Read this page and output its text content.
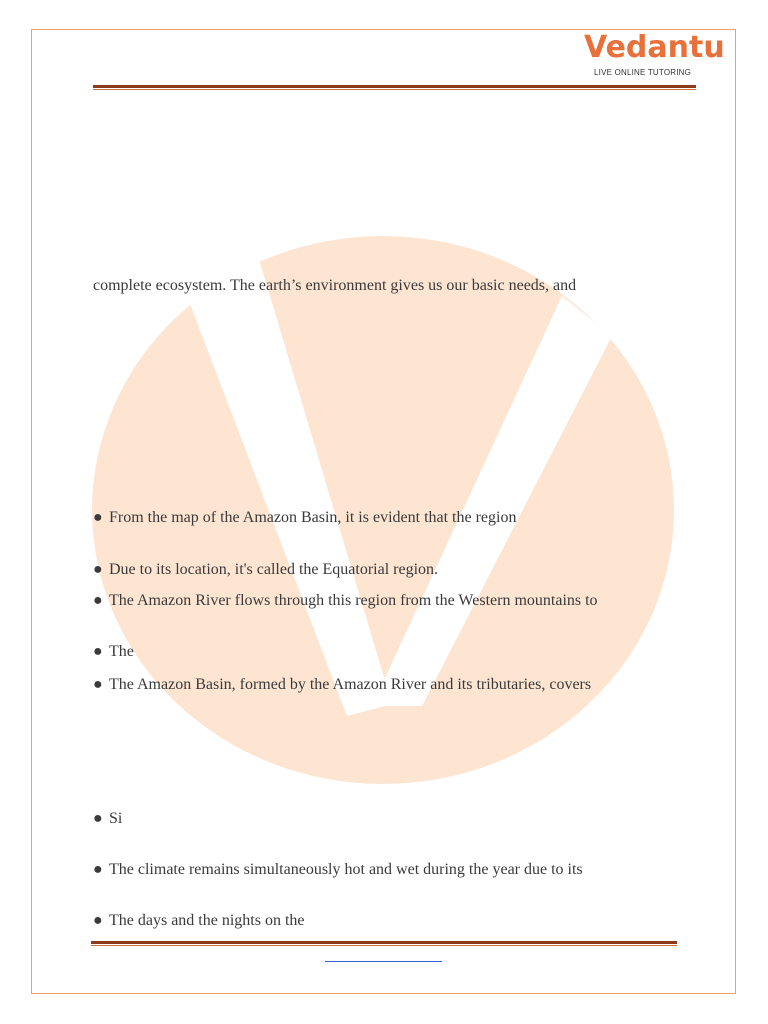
Vedantu
LIVE ONLINE TUTORING
complete ecosystem. The earth’s environment gives us our basic needs, and
● From the map of the Amazon Basin, it is evident that the region
● Due to its location, it's called the Equatorial region.
● The Amazon River flows through this region from the Western mountains to
● The
● The Amazon Basin, formed by the Amazon River and its tributaries, covers
● Si
● The climate remains simultaneously hot and wet during the year due to its
● The days and the nights on the
